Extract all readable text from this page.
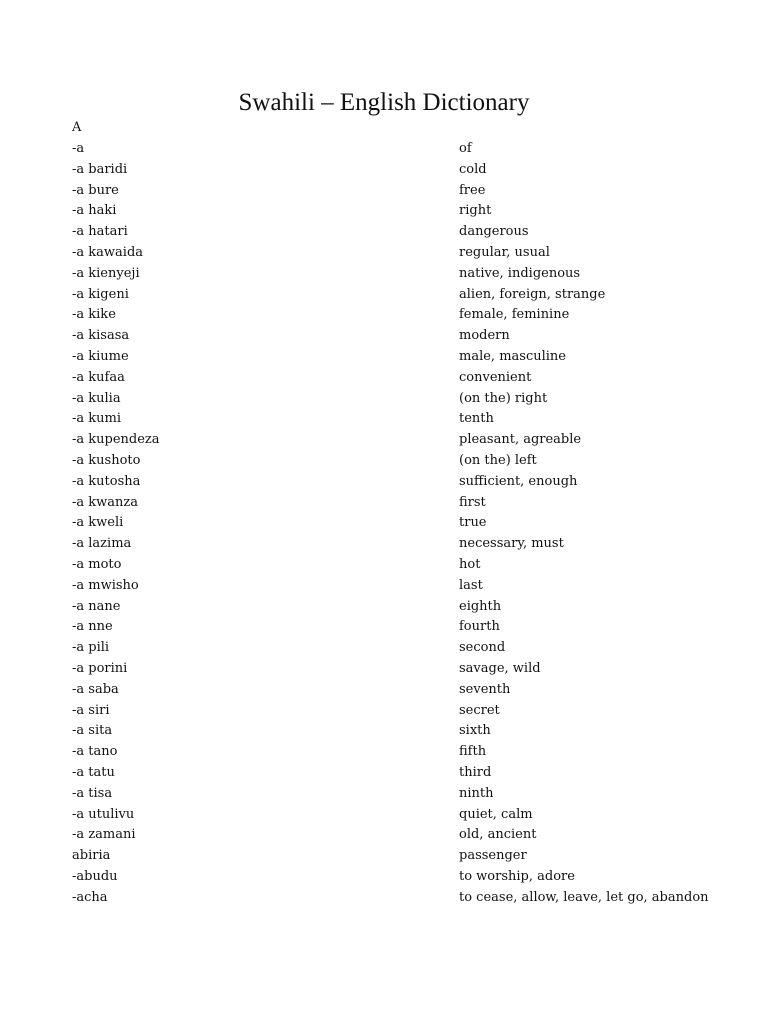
Swahili – English Dictionary
A
-a	of
-a baridi	cold
-a bure	free
-a haki	right
-a hatari	dangerous
-a kawaida	regular, usual
-a kienyeji	native, indigenous
-a kigeni	alien, foreign, strange
-a kike	female, feminine
-a kisasa	modern
-a kiume	male, masculine
-a kufaa	convenient
-a kulia	(on the) right
-a kumi	tenth
-a kupendeza	pleasant, agreable
-a kushoto	(on the) left
-a kutosha	sufficient, enough
-a kwanza	first
-a kweli	true
-a lazima	necessary, must
-a moto	hot
-a mwisho	last
-a nane	eighth
-a nne	fourth
-a pili	second
-a porini	savage, wild
-a saba	seventh
-a siri	secret
-a sita	sixth
-a tano	fifth
-a tatu	third
-a tisa	ninth
-a utulivu	quiet, calm
-a zamani	old, ancient
abiria	passenger
-abudu	to worship, adore
-acha	to cease, allow, leave, let go, abandon
